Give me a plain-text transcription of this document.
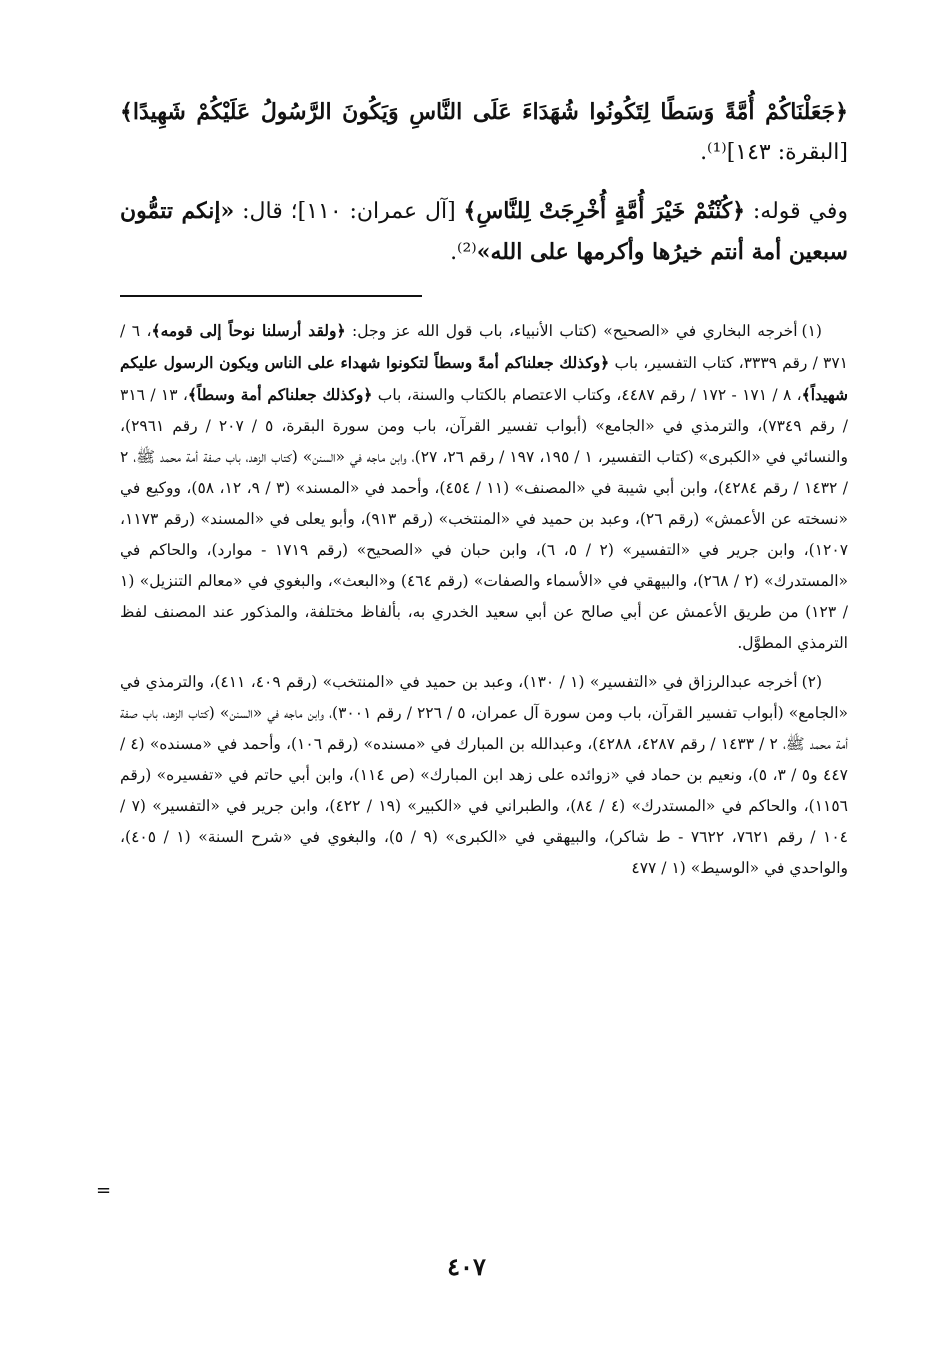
﴿جَعَلْنَاكُمْ أُمَّةً وَسَطًا لِتَكُونُوا شُهَدَاءَ عَلَى النَّاسِ وَيَكُونَ الرَّسُولُ عَلَيْكُمْ شَهِيدًا﴾ [البقرة: ١٤٣]⁽¹⁾.

وفي قوله: ﴿كُنْتُمْ خَيْرَ أُمَّةٍ أُخْرِجَتْ لِلنَّاسِ﴾ [آل عمران: ١١٠]؛ قال: «إنكم تتمُّون سبعين أمة أنتم خيرُها وأكرمها على الله»⁽²⁾.

(١)أخرجه البخاري في «الصحيح» (كتاب الأنبياء، باب قول الله عز وجل: ﴿ولقد أرسلنا نوحاً إلى قومه﴾، ٦ / ٣٧١ / رقم ٣٣٣٩، كتاب التفسير، باب ﴿وكذلك جعلناكم أمةً وسطاً لتكونوا شهداء على الناس ويكون الرسول عليكم شهيداً﴾، ٨ / ١٧١ - ١٧٢ / رقم ٤٤٨٧، وكتاب الاعتصام بالكتاب والسنة، باب ﴿وكذلك جعلناكم أمة وسطاً﴾، ١٣ / ٣١٦ / رقم ٧٣٤٩)، والترمذي في «الجامع» (أبواب تفسير القرآن، باب ومن سورة البقرة، ٥ / ٢٠٧ / رقم ٢٩٦١)، والنسائي في «الكبرى» (كتاب التفسير، ١ / ١٩٥، ١٩٧ / رقم ٢٦، ٢٧)، وابن ماجه في «السنن» (كتاب الزهد، باب صفة أمة محمد ﷺ، ٢ / ١٤٣٢ / رقم ٤٢٨٤)، وابن أبي شيبة في «المصنف» (١١ / ٤٥٤)، وأحمد في «المسند» (٣ / ٩، ١٢، ٥٨)، ووكيع في «نسخته عن الأعمش» (رقم ٢٦)، وعبد بن حميد في «المنتخب» (رقم ٩١٣)، وأبو يعلى في «المسند» (رقم ١١٧٣، ١٢٠٧)، وابن جرير في «التفسير» (٢ / ٥، ٦)، وابن حبان في «الصحيح» (رقم ١٧١٩ - موارد)، والحاكم في «المستدرك» (٢ / ٢٦٨)، والبيهقي في «الأسماء والصفات» (رقم ٤٦٤) و«البعث»، والبغوي في «معالم التنزيل» (١ / ١٢٣) من طريق الأعمش عن أبي صالح عن أبي سعيد الخدري به، بألفاظ مختلفة، والمذكور عند المصنف لفظ الترمذي المطوَّل.

(٢)أخرجه عبدالرزاق في «التفسير» (١ / ١٣٠)، وعبد بن حميد في «المنتخب» (رقم ٤٠٩، ٤١١)، والترمذي في «الجامع» (أبواب تفسير القرآن، باب ومن سورة آل عمران، ٥ / ٢٢٦ / رقم ٣٠٠١)، وابن ماجه في «السنن» (كتاب الزهد، باب صفة أمة محمد ﷺ، ٢ / ١٤٣٣ / رقم ٤٢٨٧، ٤٢٨٨)، وعبدالله بن المبارك في «مسنده» (رقم ١٠٦)، وأحمد في «مسنده» (٤ / ٤٤٧ و٥ / ٣، ٥)، ونعيم بن حماد في «زوائده على زهد ابن المبارك» (ص ١١٤)، وابن أبي حاتم في «تفسيره» (رقم ١١٥٦)، والحاكم في «المستدرك» (٤ / ٨٤)، والطبراني في «الكبير» (١٩ / ٤٢٢)، وابن جرير في «التفسير» (٧ / ١٠٤ / رقم ٧٦٢١، ٧٦٢٢ - ط شاكر)، والبيهقي في «الكبرى» (٩ / ٥)، والبغوي في «شرح السنة» (١ / ٤٠٥)، والواحدي في «الوسيط» (١ / ٤٧٧

=
٤٠٧
